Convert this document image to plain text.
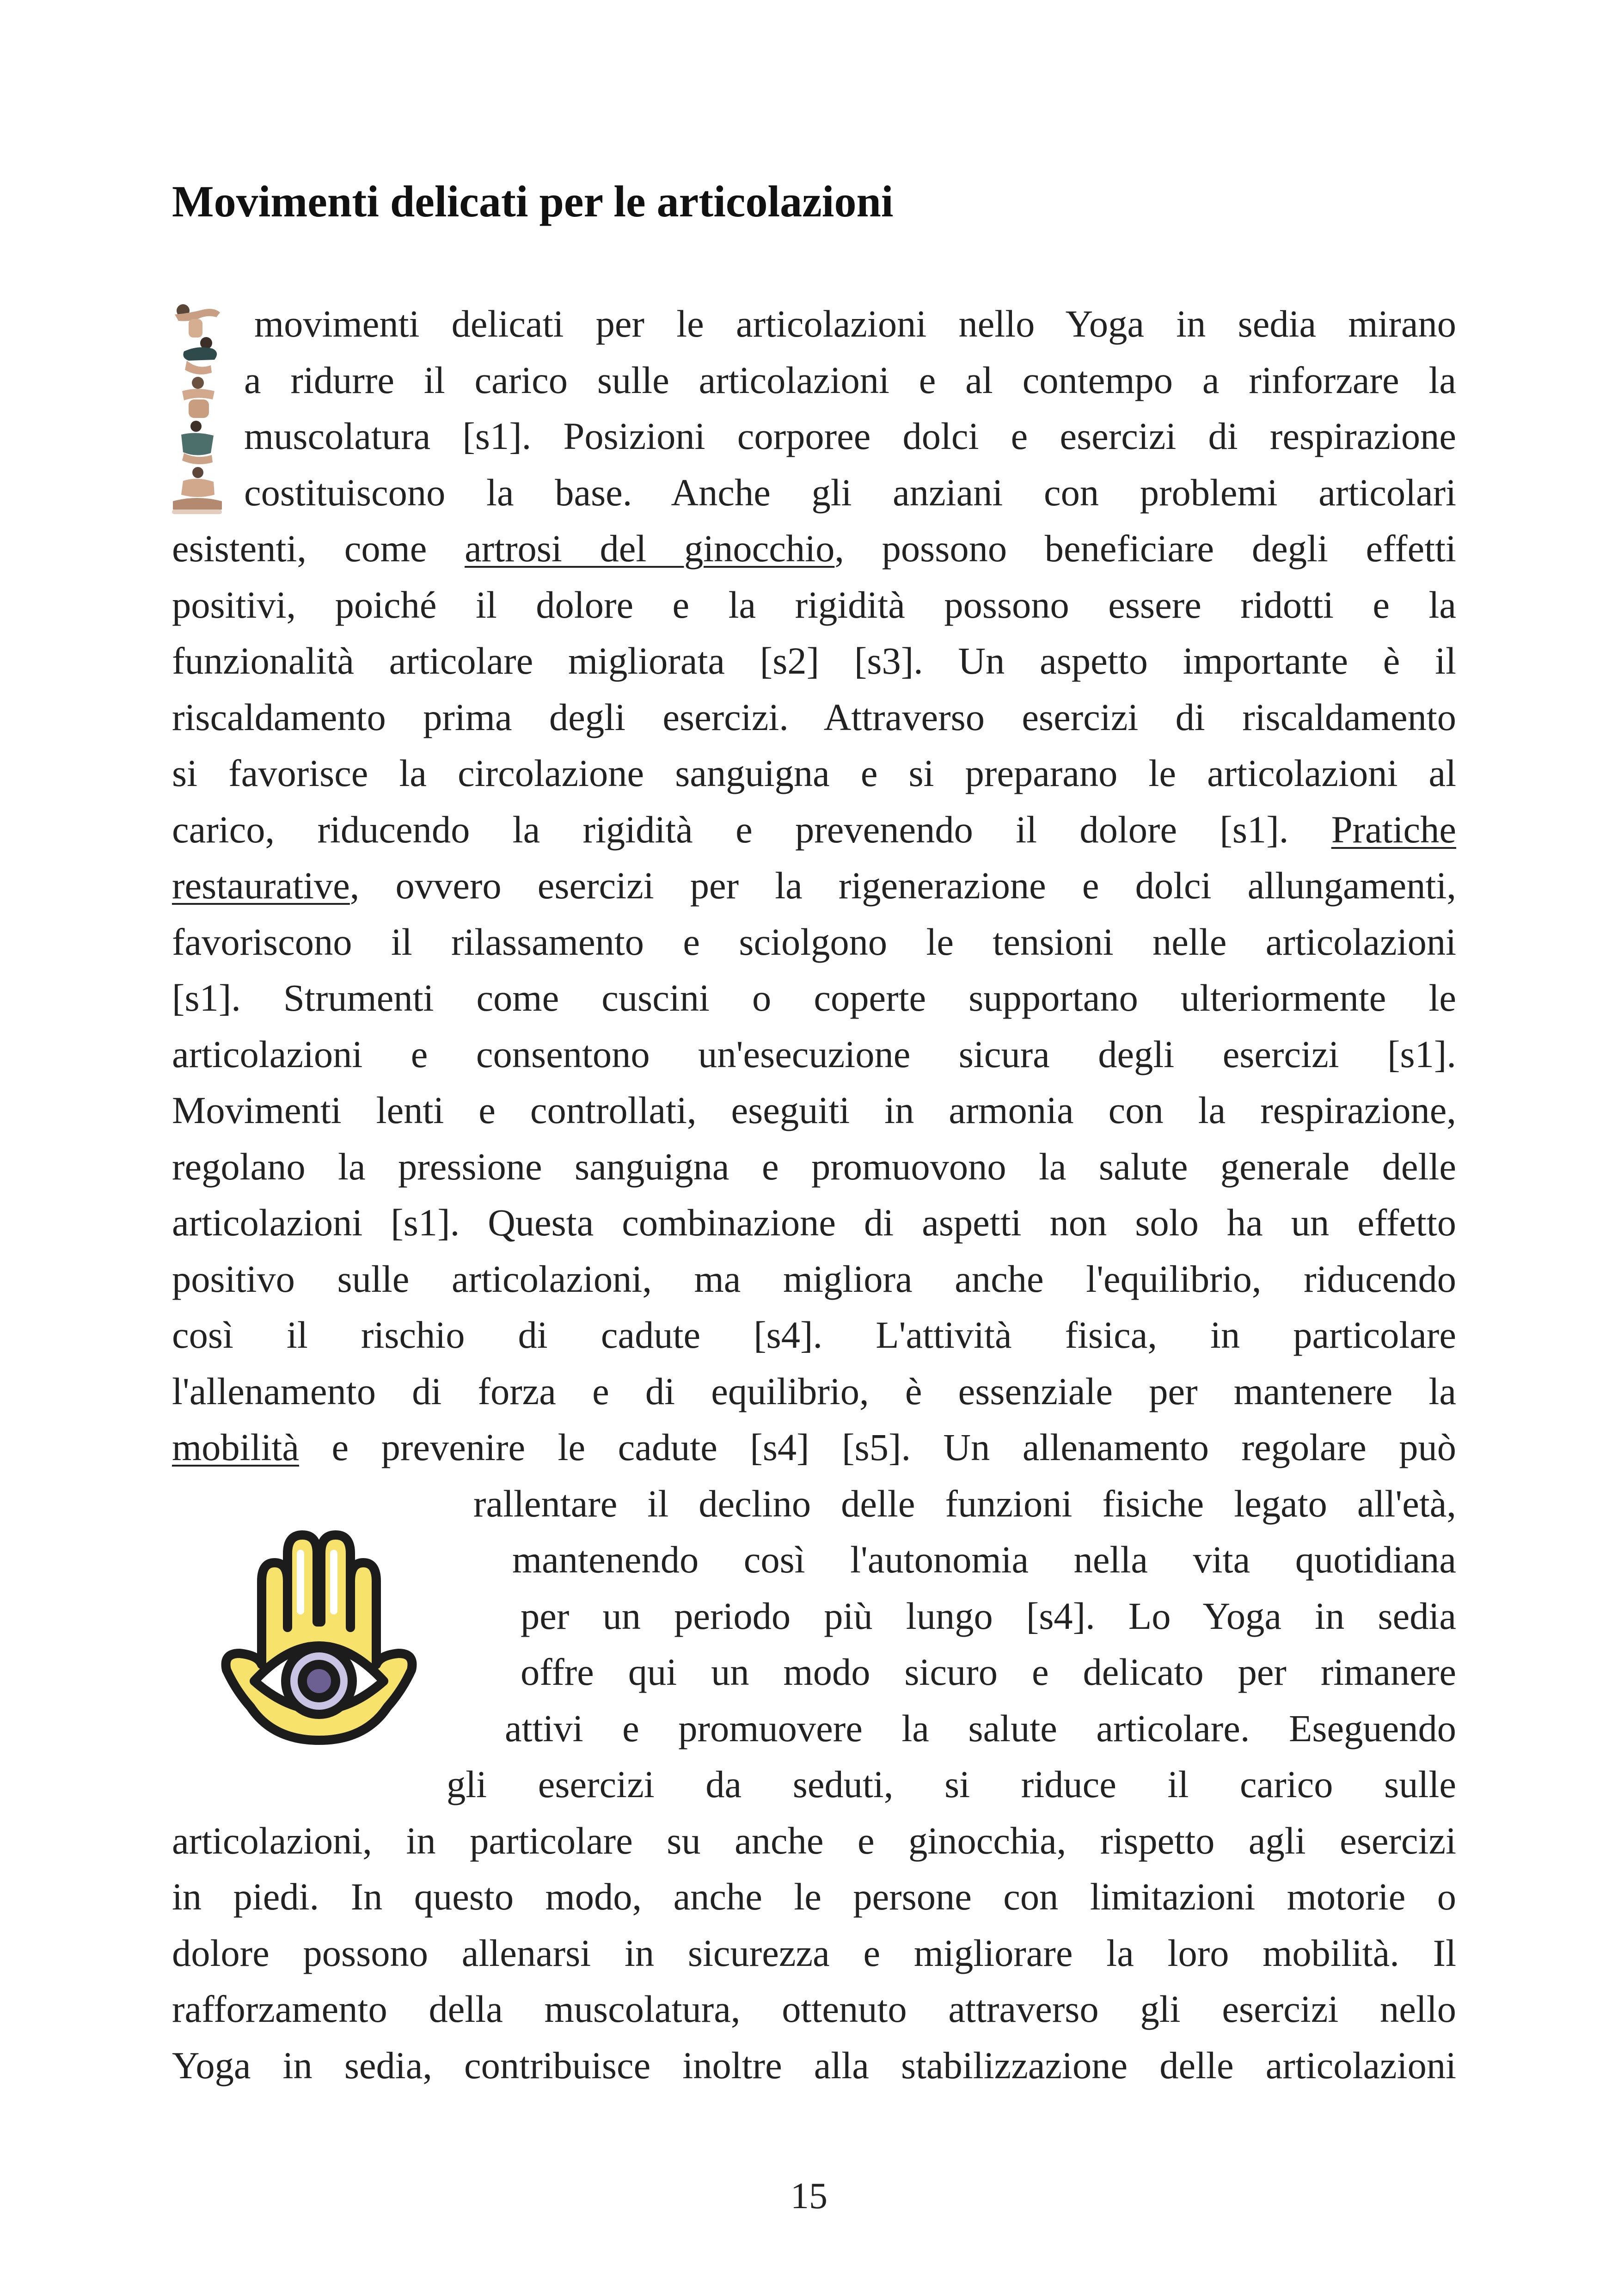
Movimenti delicati per le articolazioni
movimenti delicati per le articolazioni nello Yoga in sedia mirano
a ridurre il carico sulle articolazioni e al contempo a rinforzare la
muscolatura [s1]. Posizioni corporee dolci e esercizi di respirazione
costituiscono la base. Anche gli anziani con problemi articolari
esistenti, come artrosi del ginocchio, possono beneficiare degli effetti
positivi, poiché il dolore e la rigidità possono essere ridotti e la
funzionalità articolare migliorata [s2] [s3]. Un aspetto importante è il
riscaldamento prima degli esercizi. Attraverso esercizi di riscaldamento
si favorisce la circolazione sanguigna e si preparano le articolazioni al
carico, riducendo la rigidità e prevenendo il dolore [s1]. Pratiche
restaurative, ovvero esercizi per la rigenerazione e dolci allungamenti,
favoriscono il rilassamento e sciolgono le tensioni nelle articolazioni
[s1]. Strumenti come cuscini o coperte supportano ulteriormente le
articolazioni e consentono un'esecuzione sicura degli esercizi [s1].
Movimenti lenti e controllati, eseguiti in armonia con la respirazione,
regolano la pressione sanguigna e promuovono la salute generale delle
articolazioni [s1]. Questa combinazione di aspetti non solo ha un effetto
positivo sulle articolazioni, ma migliora anche l'equilibrio, riducendo
così il rischio di cadute [s4]. L'attività fisica, in particolare
l'allenamento di forza e di equilibrio, è essenziale per mantenere la
mobilità e prevenire le cadute [s4] [s5]. Un allenamento regolare può
rallentare il declino delle funzioni fisiche legato all'età,
mantenendo così l'autonomia nella vita quotidiana
per un periodo più lungo [s4]. Lo Yoga in sedia
offre qui un modo sicuro e delicato per rimanere
attivi e promuovere la salute articolare. Eseguendo
gli esercizi da seduti, si riduce il carico sulle
articolazioni, in particolare su anche e ginocchia, rispetto agli esercizi
in piedi. In questo modo, anche le persone con limitazioni motorie o
dolore possono allenarsi in sicurezza e migliorare la loro mobilità. Il
rafforzamento della muscolatura, ottenuto attraverso gli esercizi nello
Yoga in sedia, contribuisce inoltre alla stabilizzazione delle articolazioni
15
